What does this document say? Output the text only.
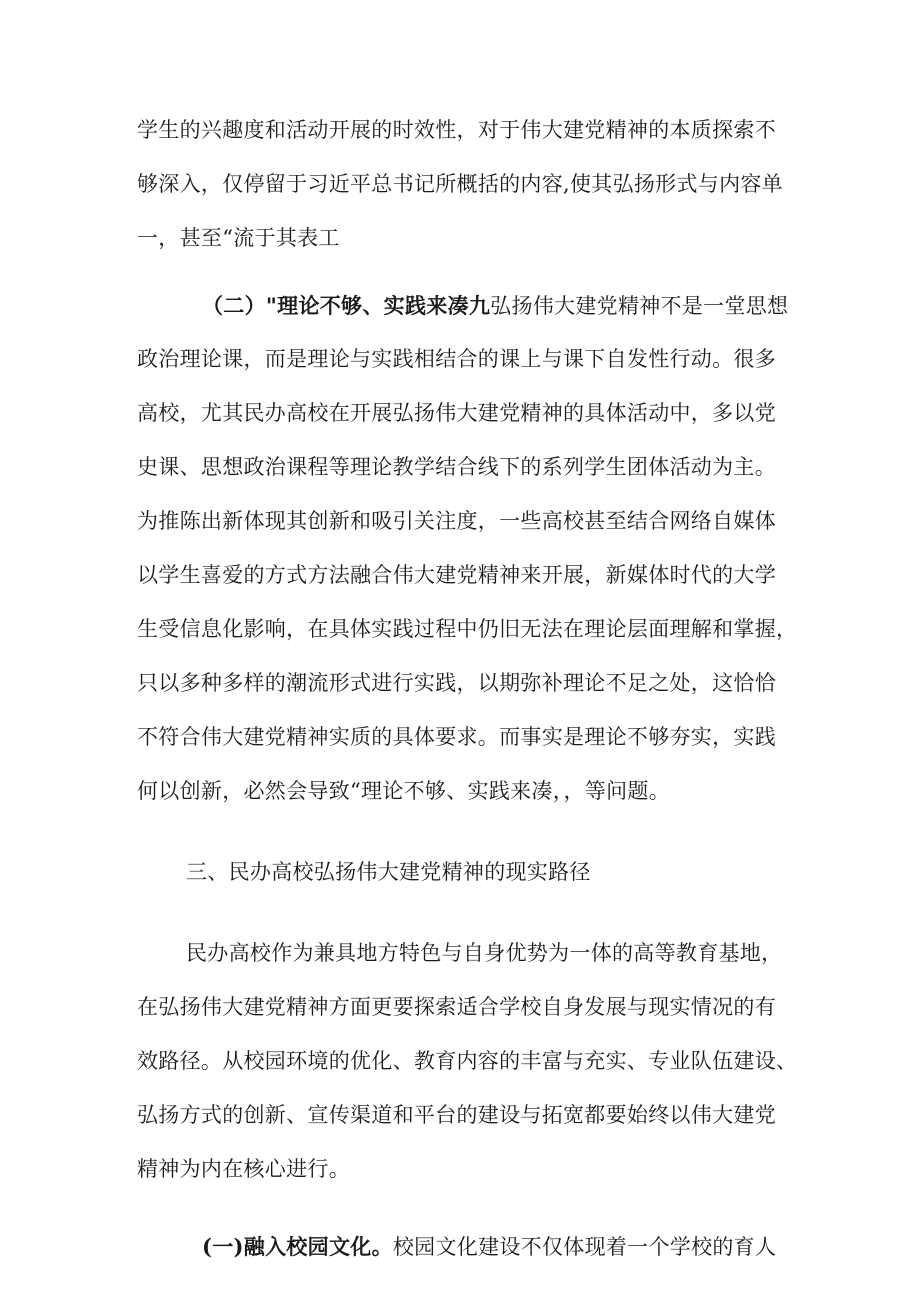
学生的兴趣度和活动开展的时效性，对于伟大建党精神的本质探索不
够深入，仅停留于习近平总书记所概括的内容,使其弘扬形式与内容单
一，甚至“流于其表工
（二）"理论不够、实践来凑九弘扬伟大建党精神不是一堂思想
政治理论课，而是理论与实践相结合的课上与课下自发性行动。很多
高校，尤其民办高校在开展弘扬伟大建党精神的具体活动中，多以党
史课、思想政治课程等理论教学结合线下的系列学生团体活动为主。
为推陈出新体现其创新和吸引关注度，一些高校甚至结合网络自媒体
以学生喜爱的方式方法融合伟大建党精神来开展，新媒体时代的大学
生受信息化影响，在具体实践过程中仍旧无法在理论层面理解和掌握，
只以多种多样的潮流形式进行实践，以期弥补理论不足之处，这恰恰
不符合伟大建党精神实质的具体要求。而事实是理论不够夯实，实践
何以创新，必然会导致“理论不够、实践来凑，，等问题。
三、民办高校弘扬伟大建党精神的现实路径
民办高校作为兼具地方特色与自身优势为一体的高等教育基地，
在弘扬伟大建党精神方面更要探索适合学校自身发展与现实情况的有
效路径。从校园环境的优化、教育内容的丰富与充实、专业队伍建设、
弘扬方式的创新、宣传渠道和平台的建设与拓宽都要始终以伟大建党
精神为内在核心进行。
(一)融入校园文化。校园文化建设不仅体现着一个学校的育人
